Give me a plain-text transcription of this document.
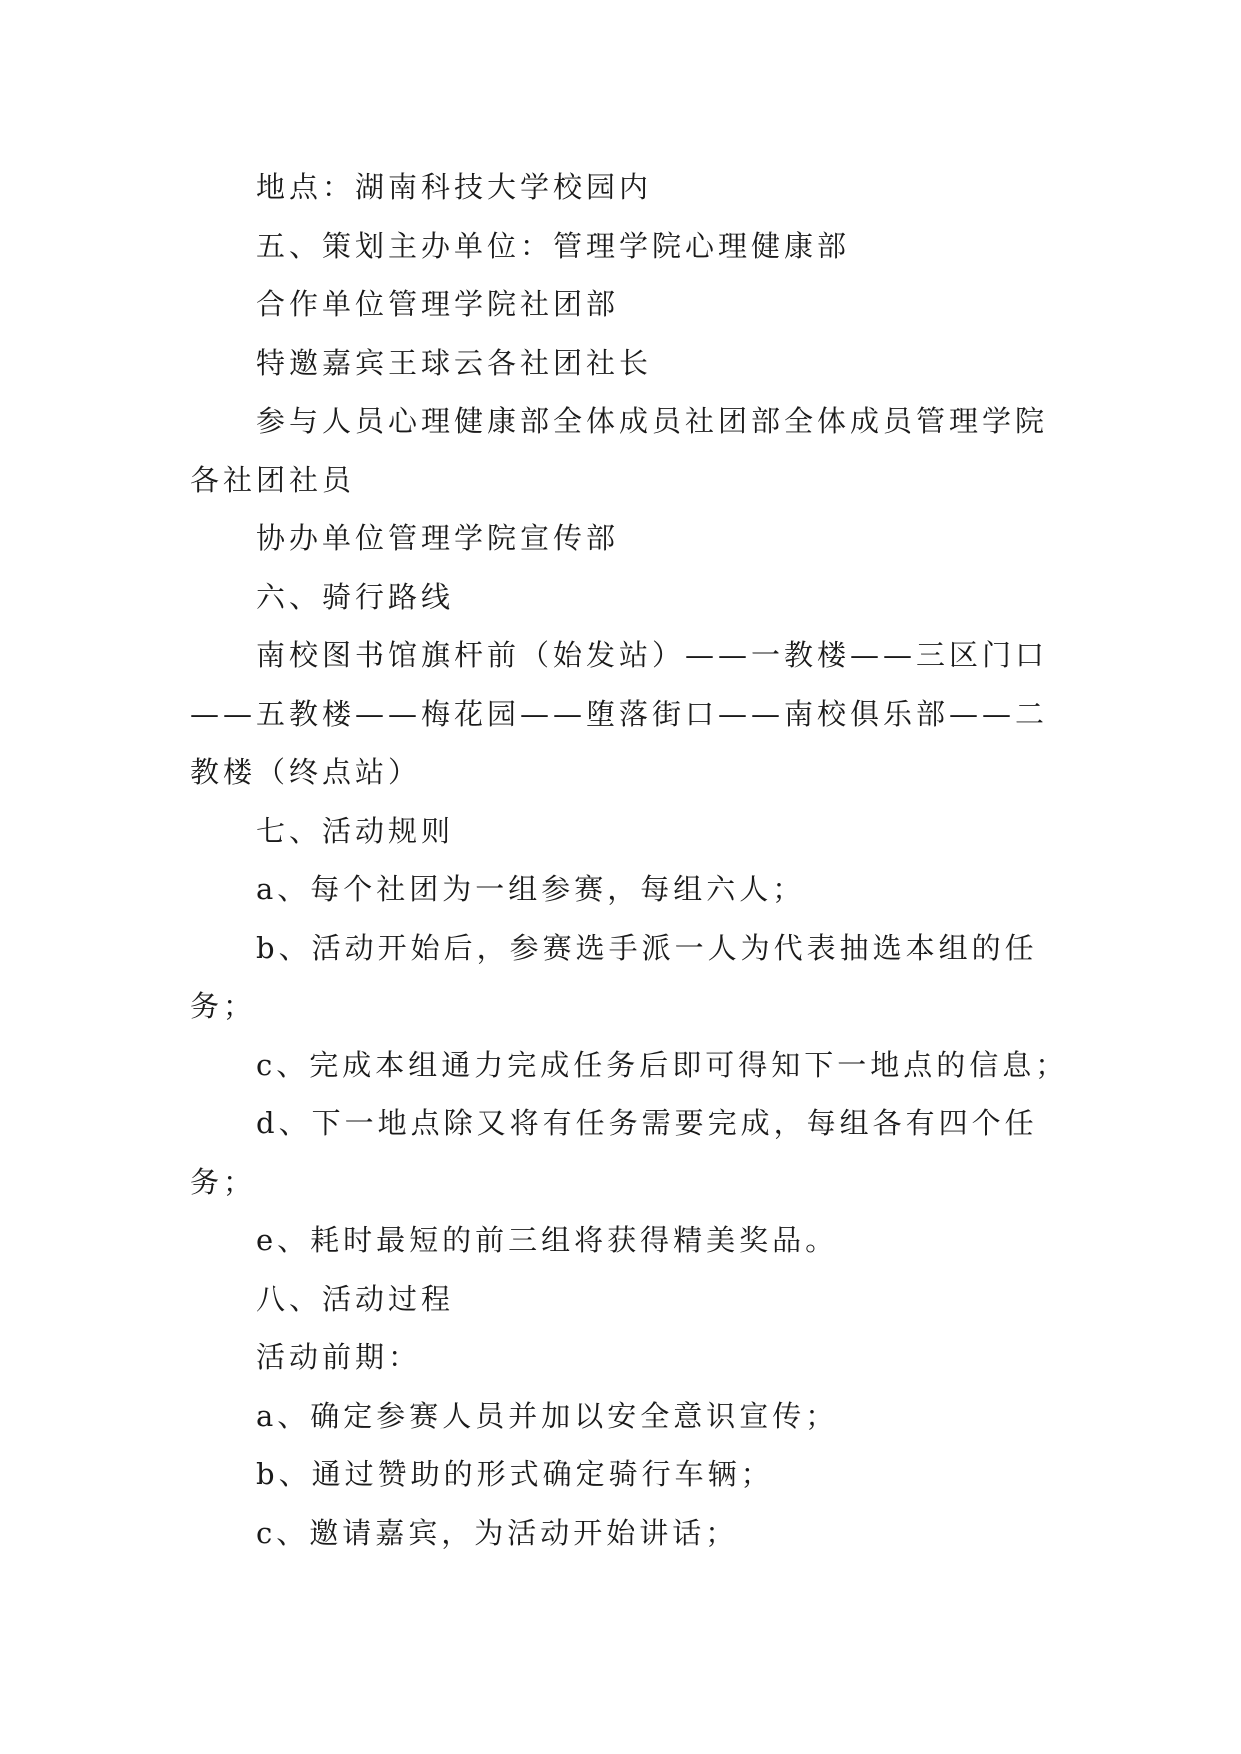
地点：湖南科技大学校园内

五、策划主办单位：管理学院心理健康部

合作单位管理学院社团部

特邀嘉宾王球云各社团社长

参与人员心理健康部全体成员社团部全体成员管理学院各社团社员

协办单位管理学院宣传部

六、骑行路线

南校图书馆旗杆前（始发站）——一教楼——三区门口——五教楼——梅花园——堕落街口——南校俱乐部——二教楼（终点站）

七、活动规则

a、每个社团为一组参赛，每组六人；

b、活动开始后，参赛选手派一人为代表抽选本组的任务；

c、完成本组通力完成任务后即可得知下一地点的信息；

d、下一地点除又将有任务需要完成，每组各有四个任务；

e、耗时最短的前三组将获得精美奖品。

八、活动过程

活动前期：

a、确定参赛人员并加以安全意识宣传；

b、通过赞助的形式确定骑行车辆；

c、邀请嘉宾，为活动开始讲话；
